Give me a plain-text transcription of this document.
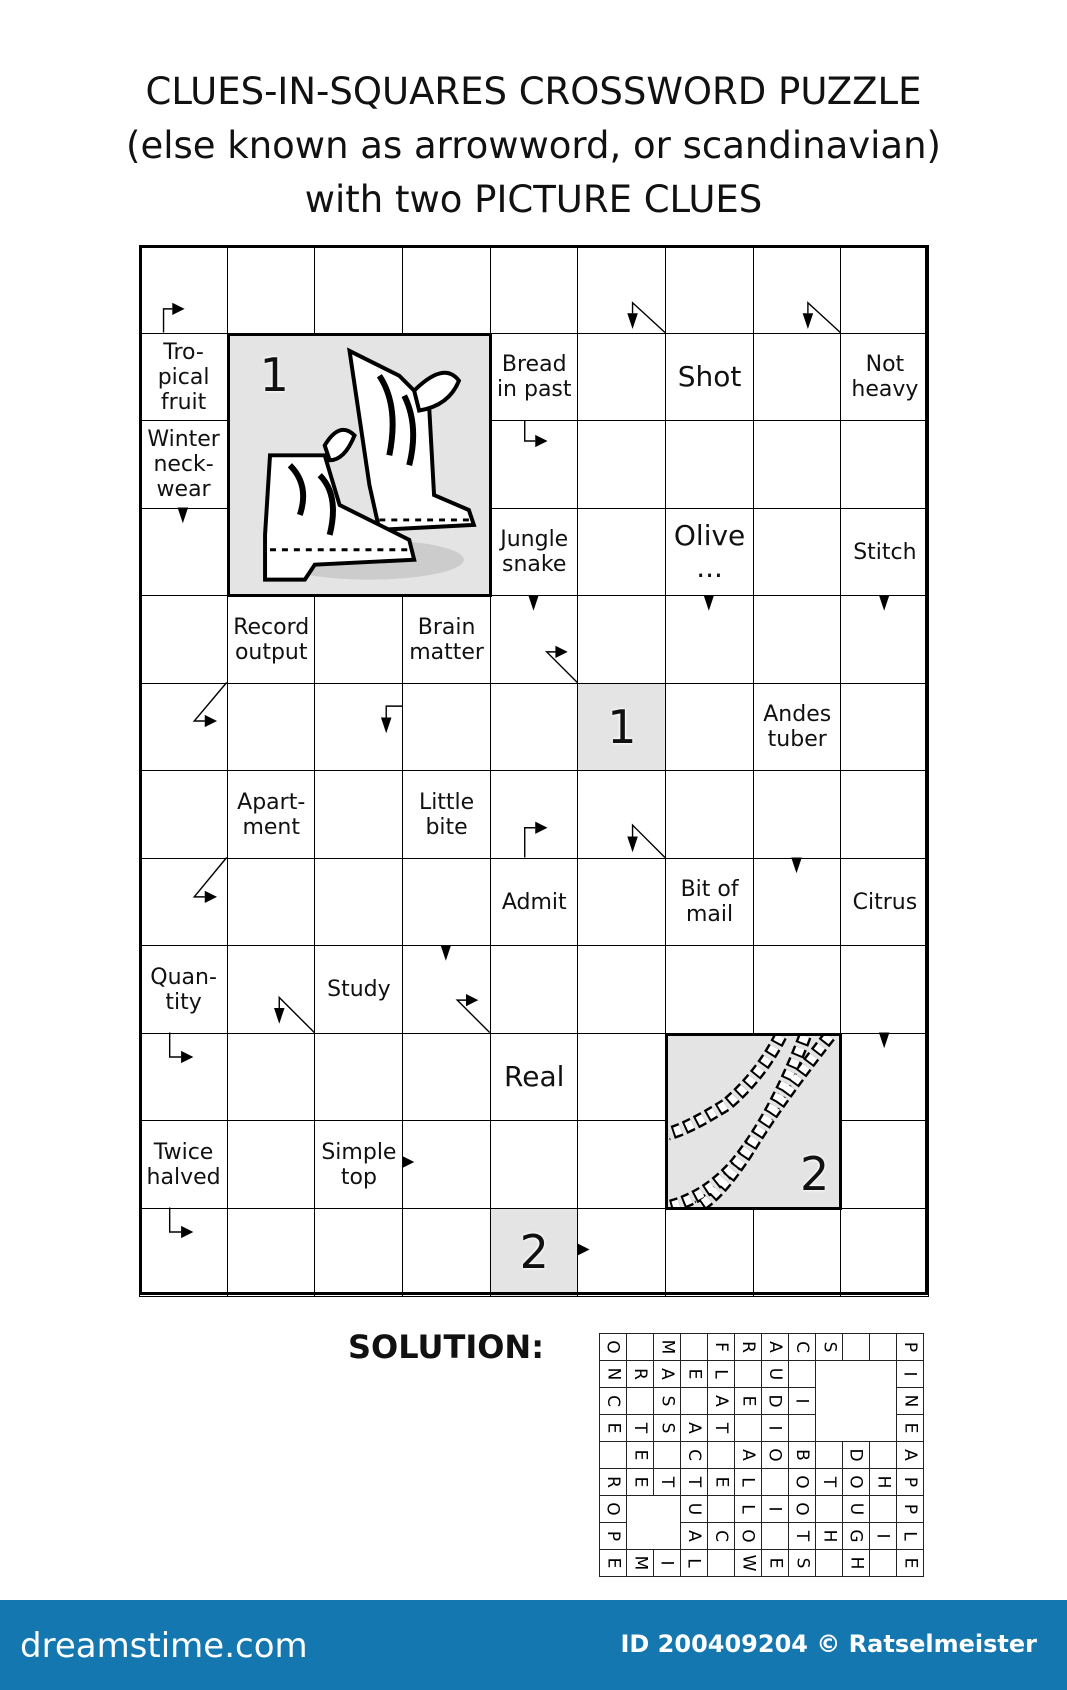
CLUES-IN-SQUARES CROSSWORD PUZZLE
(else known as arrowword, or scandinavian)
with two PICTURE CLUES
Tro-
pical
fruit
Bread
in past	Shot	Not
heavy
Winter
neck-
wear
Jungle
snake
Olive
...	Stitch
Record
output
Brain
matter
1	Andes
tuber
Apart-
ment
Little
bite
Admit	Bit of
mail	Citrus
Quan-
tity	Study
Real
Twice
halved
Simple
top
2
1
2
SOLUTION:	O		M		F	R	A	C	S			P
N	R	A	E	L		U					I
C		S		A	E	D	I				N
E	T	S	A	T		I					E
	E		C		A	O	B		D		A
R	E	T	T	E	L		O	T	O	H	P
O			U		L	I	O		U		P
P			A	C	O		T	H	G	I	L
E	M	I	L		W	E	S		H		E
dreamstime.com	ID 200409204 © Ratselmeister
